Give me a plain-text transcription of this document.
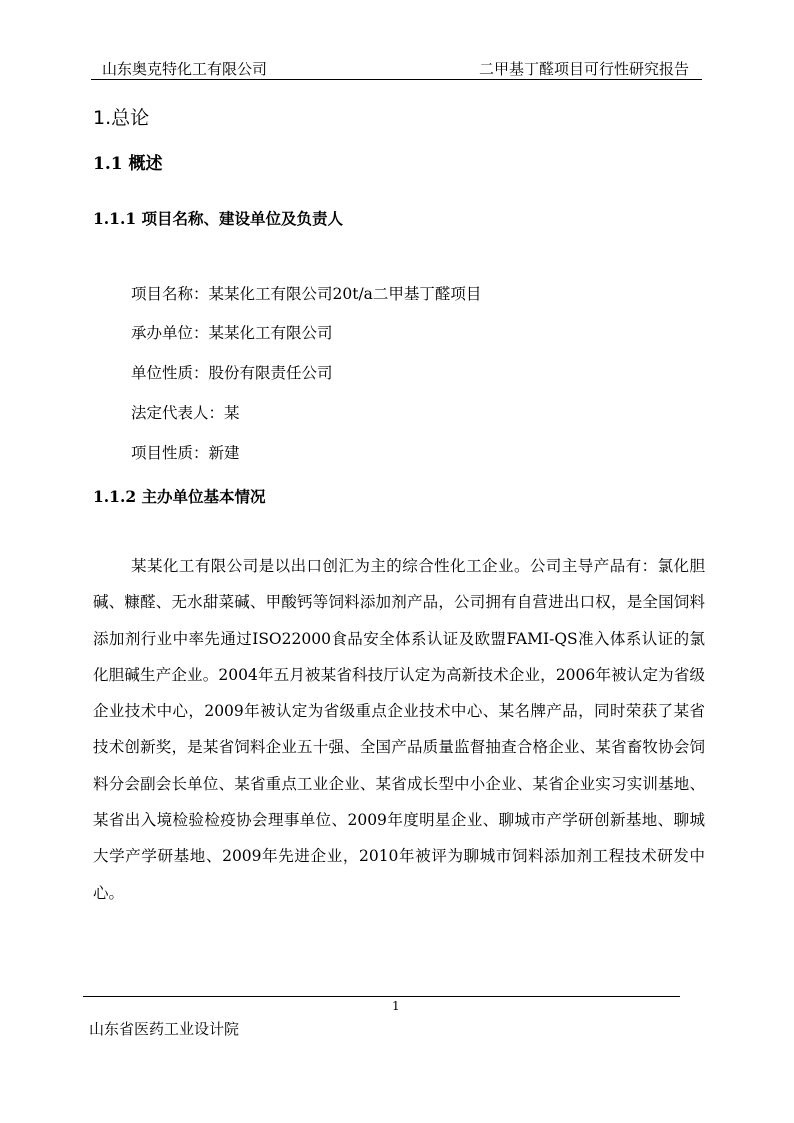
山东奥克特化工有限公司	二甲基丁醛项目可行性研究报告
1.总论
1.1 概述
1.1.1 项目名称、建设单位及负责人
项目名称：某某化工有限公司20t/a二甲基丁醛项目
承办单位：某某化工有限公司
单位性质：股份有限责任公司
法定代表人：某
项目性质：新建
1.1.2 主办单位基本情况

某某化工有限公司是以出口创汇为主的综合性化工企业。公司主导产品有：氯化胆碱、糠醛、无水甜菜碱、甲酸钙等饲料添加剂产品，公司拥有自营进出口权，是全国饲料添加剂行业中率先通过ISO22000食品安全体系认证及欧盟FAMI-QS准入体系认证的氯化胆碱生产企业。2004年五月被某省科技厅认定为高新技术企业，2006年被认定为省级企业技术中心，2009年被认定为省级重点企业技术中心、某名牌产品，同时荣获了某省技术创新奖，是某省饲料企业五十强、全国产品质量监督抽查合格企业、某省畜牧协会饲料分会副会长单位、某省重点工业企业、某省成长型中小企业、某省企业实习实训基地、某省出入境检验检疫协会理事单位、2009年度明星企业、聊城市产学研创新基地、聊城大学产学研基地、2009年先进企业，2010年被评为聊城市饲料添加剂工程技术研发中心。

1
山东省医药工业设计院
